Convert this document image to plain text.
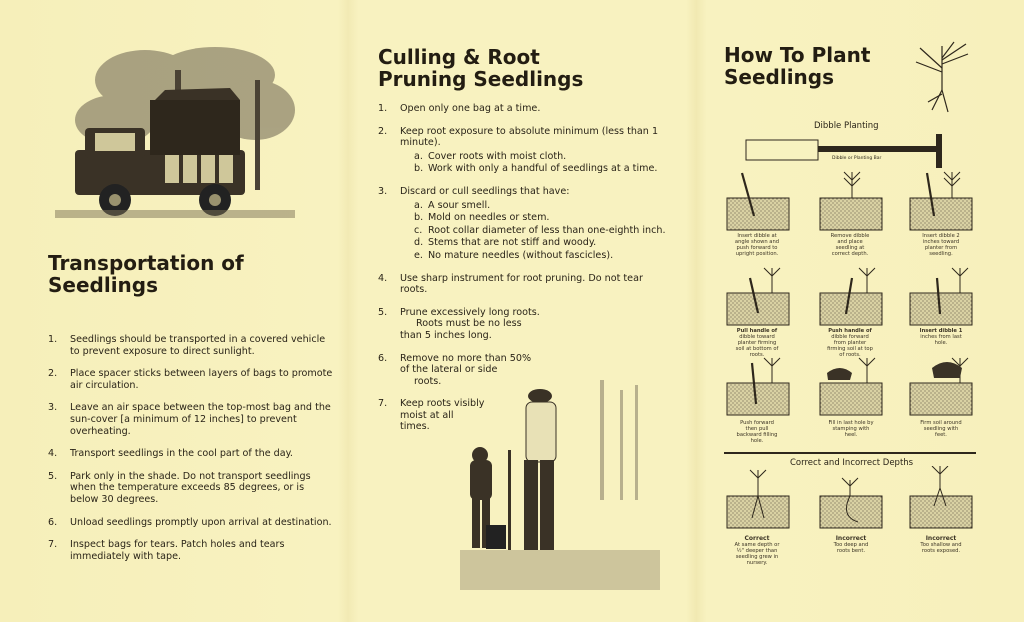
Transportation of
Seedlings
1. Seedlings should be transported in a covered vehicle to prevent exposure to direct sunlight.
2. Place spacer sticks between layers of bags to promote air circulation.
3. Leave an air space between the top-most bag and the sun-cover [a minimum of 12 inches] to prevent overheating.
4. Transport seedlings in the cool part of the day.
5. Park only in the shade. Do not transport seedlings when the temperature exceeds 85 degrees, or is below 30 degrees.
6. Unload seedlings promptly upon arrival at destination.
7. Inspect bags for tears. Patch holes and tears immediately with tape.
Culling & Root
Pruning Seedlings
1. Open only one bag at a time.
2. Keep root exposure to absolute minimum (less than 1 minute).
a. Cover roots with moist cloth.
b. Work with only a handful of seedlings at a time.
3. Discard or cull seedlings that have:
a. A sour smell.
b. Mold on needles or stem.
c. Root collar diameter of less than one-eighth inch.
d. Stems that are not stiff and woody.
e. No mature needles (without fascicles).
4. Use sharp instrument for root pruning. Do not tear roots.
5. Prune excessively long roots.
Roots must be no less
than 5 inches long.
6. Remove no more than 50%
of the lateral or side
roots.
7. Keep roots visibly
moist at all
times.
How To Plant
Seedlings
Dibble Planting
Dibble or Planting Bar
Insert dibble at
angle shown and
push forward to
upright position.
Remove dibble
and place
seedling at
correct depth.
Insert dibble 2
inches toward
planter from
seedling.
Pull handle of
dibble toward
planter firming
soil at bottom of
roots.
Push handle of
dibble forward
from planter
firming soil at top
of roots.
Insert dibble 1
inches from last
hole.
Push forward
then pull
backward filling
hole.
Fill in last hole by
stamping with
heel.
Firm soil around
seedling with
feet.
Correct and Incorrect Depths
Correct
At same depth or
½" deeper than
seedling grew in
nursery.
Incorrect
Too deep and
roots bent.
Incorrect
Too shallow and
roots exposed.
